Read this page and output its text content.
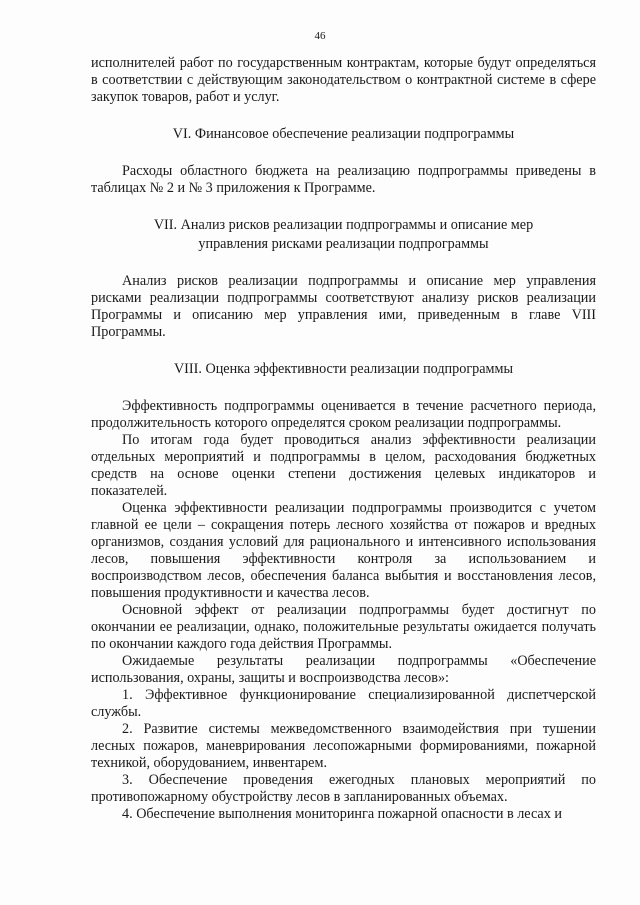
46

исполнителей работ по государственным контрактам, которые будут определяться в соответствии с действующим законодательством о контрактной системе в сфере закупок товаров, работ и услуг.

VI. Финансовое обеспечение реализации подпрограммы

Расходы областного бюджета на реализацию подпрограммы приведены в таблицах № 2 и № 3 приложения к Программе.

VII. Анализ рисков реализации подпрограммы и описание мер управления рисками реализации подпрограммы

Анализ рисков реализации подпрограммы и описание мер управления рисками реализации подпрограммы соответствуют анализу рисков реализации Программы и описанию мер управления ими, приведенным в главе VIII Программы.

VIII. Оценка эффективности реализации подпрограммы

Эффективность подпрограммы оценивается в течение расчетного периода, продолжительность которого определятся сроком реализации подпрограммы.

По итогам года будет проводиться анализ эффективности реализации отдельных мероприятий и подпрограммы в целом, расходования бюджетных средств на основе оценки степени достижения целевых индикаторов и показателей.

Оценка эффективности реализации подпрограммы производится с учетом главной ее цели – сокращения потерь лесного хозяйства от пожаров и вредных организмов, создания условий для рационального и интенсивного использования лесов, повышения эффективности контроля за использованием и воспроизводством лесов, обеспечения баланса выбытия и восстановления лесов, повышения продуктивности и качества лесов.

Основной эффект от реализации подпрограммы будет достигнут по окончании ее реализации, однако, положительные результаты ожидается получать по окончании каждого года действия Программы.

Ожидаемые результаты реализации подпрограммы «Обеспечение использования, охраны, защиты и воспроизводства лесов»:

1. Эффективное функционирование специализированной диспетчерской службы.

2. Развитие системы межведомственного взаимодействия при тушении лесных пожаров, маневрирования лесопожарными формированиями, пожарной техникой, оборудованием, инвентарем.

3. Обеспечение проведения ежегодных плановых мероприятий по противопожарному обустройству лесов в запланированных объемах.

4. Обеспечение выполнения мониторинга пожарной опасности в лесах и
